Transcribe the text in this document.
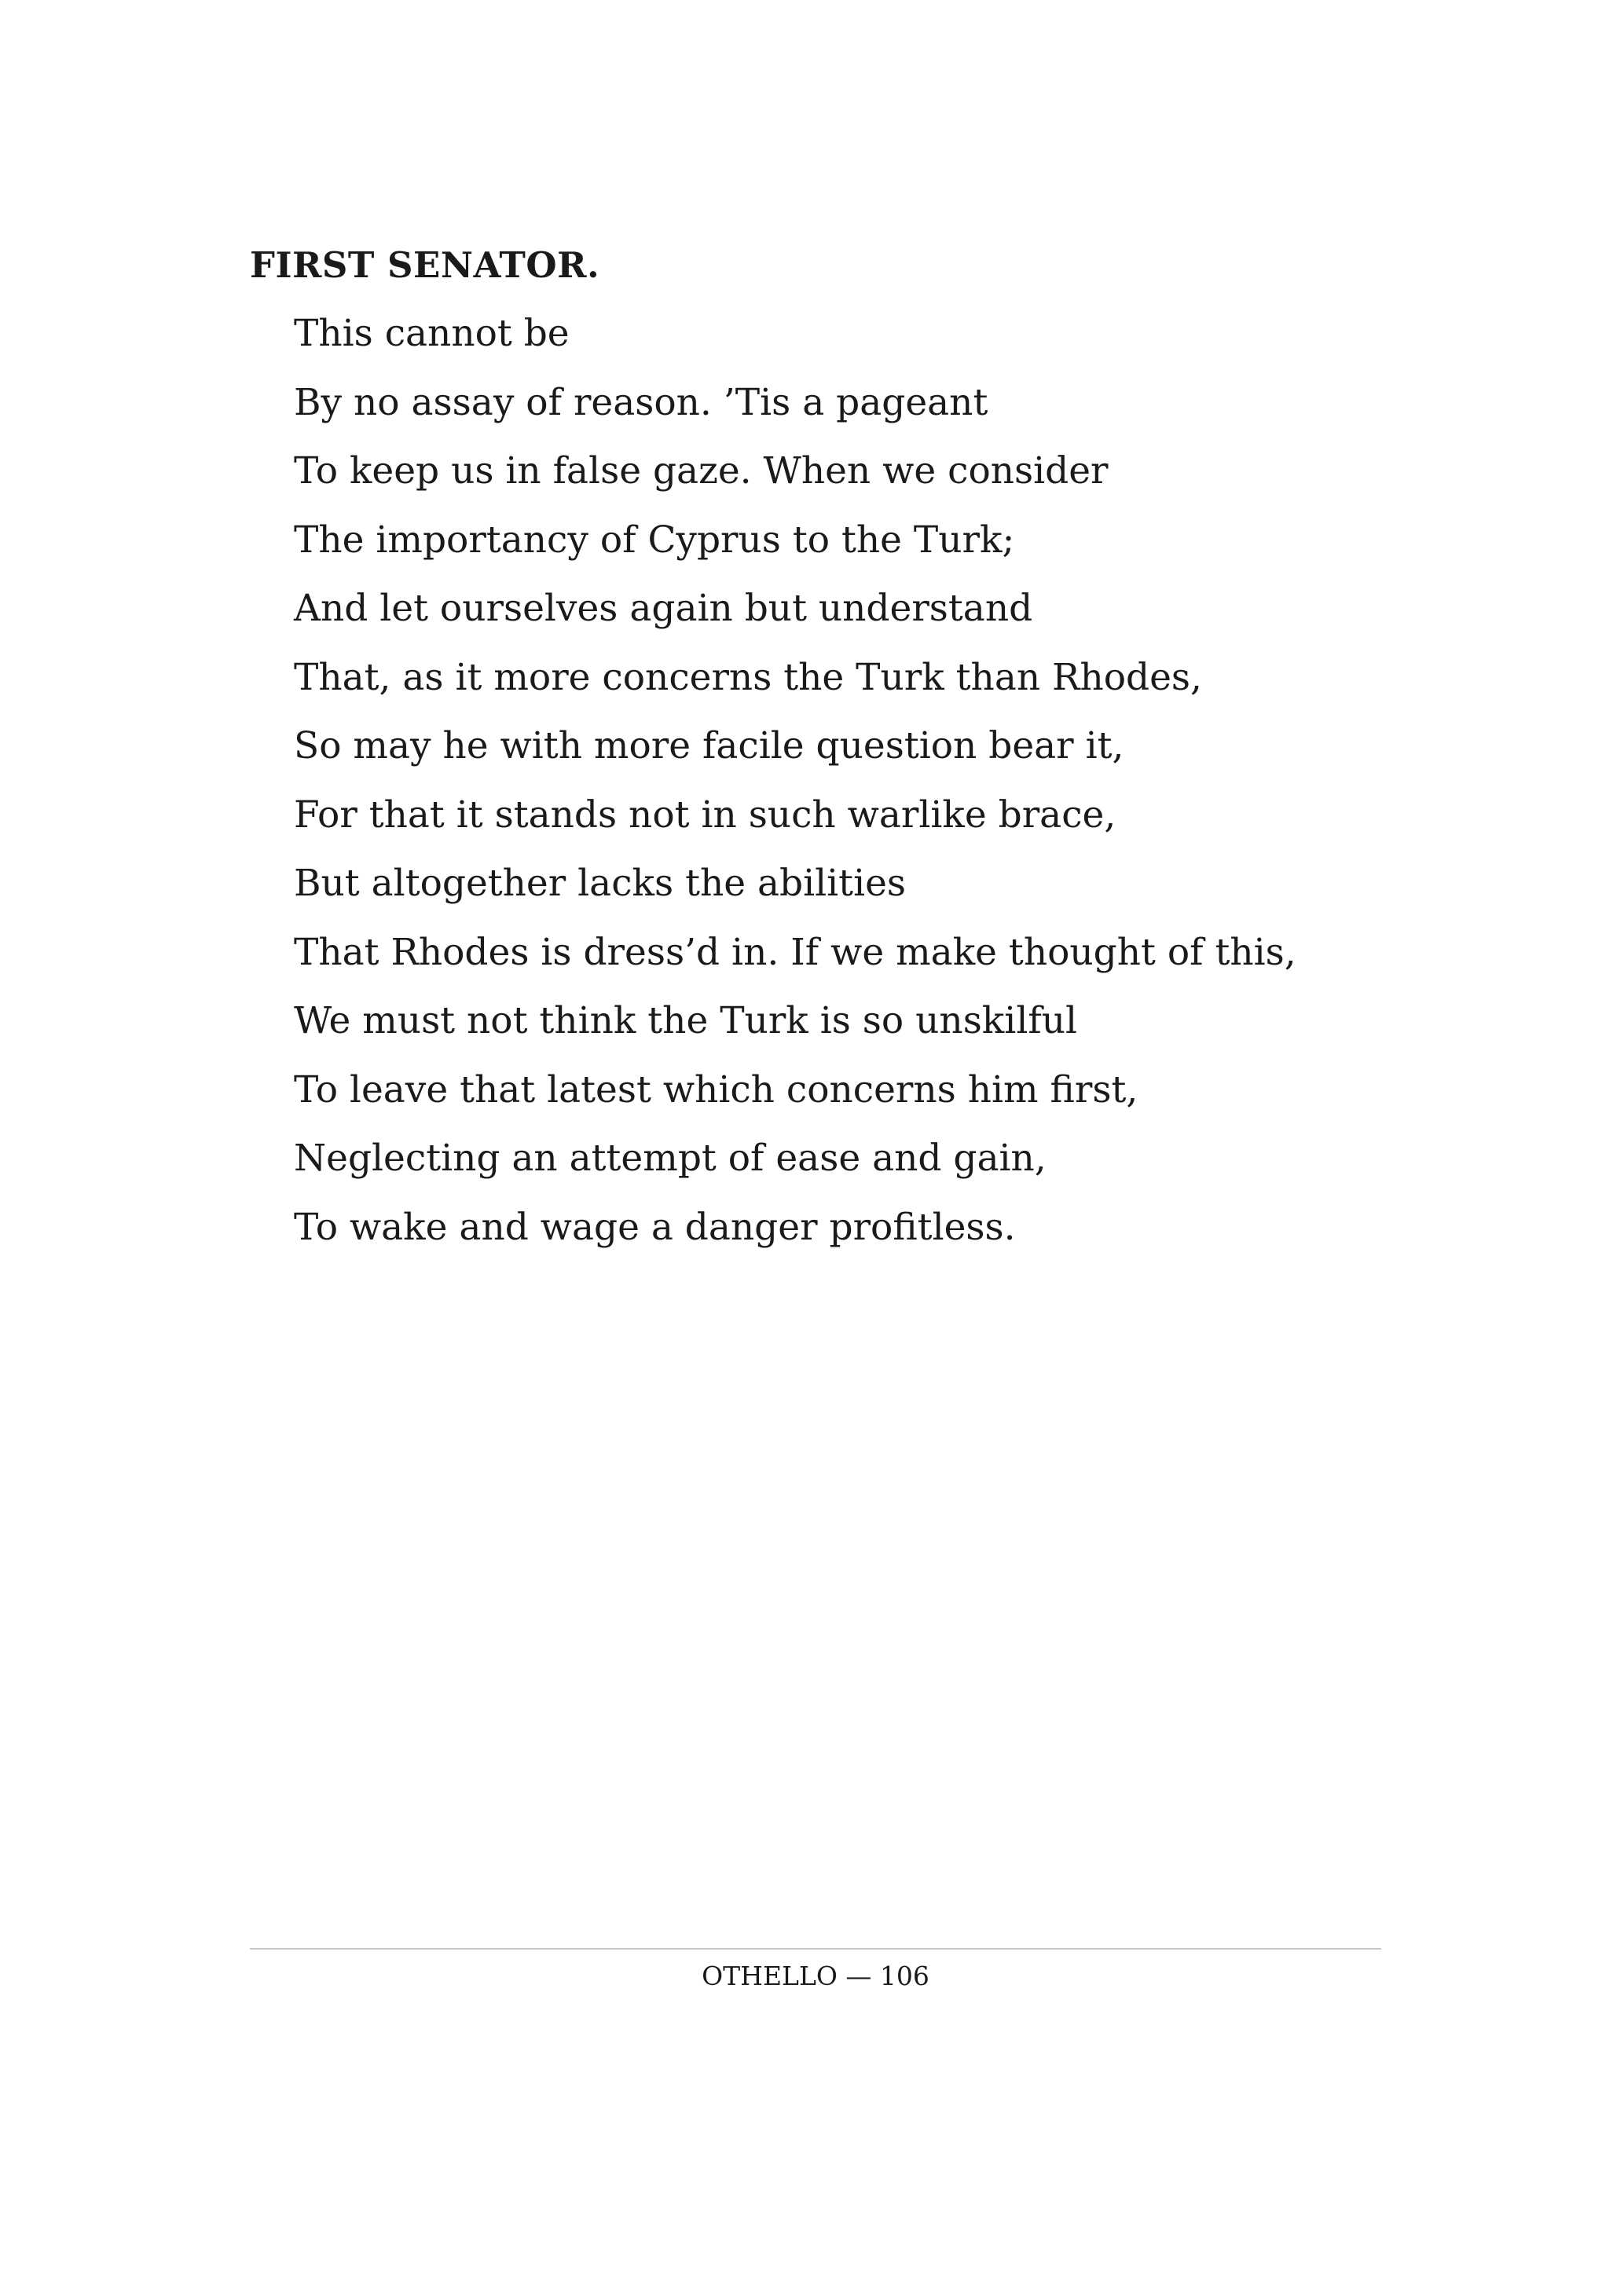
FIRST SENATOR.
This cannot be
By no assay of reason. ’Tis a pageant
To keep us in false gaze. When we consider
The importancy of Cyprus to the Turk;
And let ourselves again but understand
That, as it more concerns the Turk than Rhodes,
So may he with more facile question bear it,
For that it stands not in such warlike brace,
But altogether lacks the abilities
That Rhodes is dress’d in. If we make thought of this,
We must not think the Turk is so unskilful
To leave that latest which concerns him first,
Neglecting an attempt of ease and gain,
To wake and wage a danger profitless.
OTHELLO — 106
